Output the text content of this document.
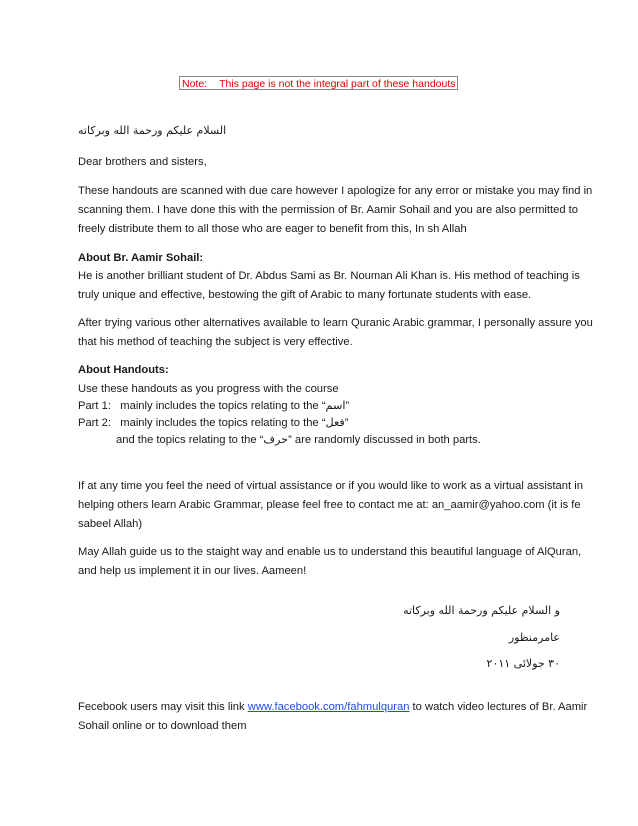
Note: This page is not the integral part of these handouts
السلام عليكم ورحمة الله وبركاته
Dear brothers and sisters,
These handouts are scanned with due care however I apologize for any error or mistake you may find in
scanning them. I have done this with the permission of Br. Aamir Sohail and you are also permitted to
freely distribute them to all those who are eager to benefit from this, In sh Allah
About Br. Aamir Sohail:
He is another brilliant student of Dr. Abdus Sami as Br. Nouman Ali Khan is. His method of teaching is
truly unique and effective, bestowing the gift of Arabic to many fortunate students with ease.
After trying various other alternatives available to learn Quranic Arabic grammar, I personally assure you
that his method of teaching the subject is very effective.
About Handouts:
Use these handouts as you progress with the course
Part 1:   mainly includes the topics relating to the “اسم”
Part 2:   mainly includes the topics relating to the “فعل”
and the topics relating to the “حرف” are randomly discussed in both parts.
If at any time you feel the need of virtual assistance or if you would like to work as a virtual assistant in
helping others learn Arabic Grammar, please feel free to contact me at: an_aamir@yahoo.com (it is fe
sabeel Allah)
May Allah guide us to the staight way and enable us to understand this beautiful language of AlQuran,
and help us implement it in our lives. Aameen!
و السلام عليكم ورحمة الله وبركاته
عامرمنظور
۳۰ جولائی ۲۰۱۱
Fecebook users may visit this link www.facebook.com/fahmulquran to watch video lectures of Br. Aamir
Sohail online or to download them
